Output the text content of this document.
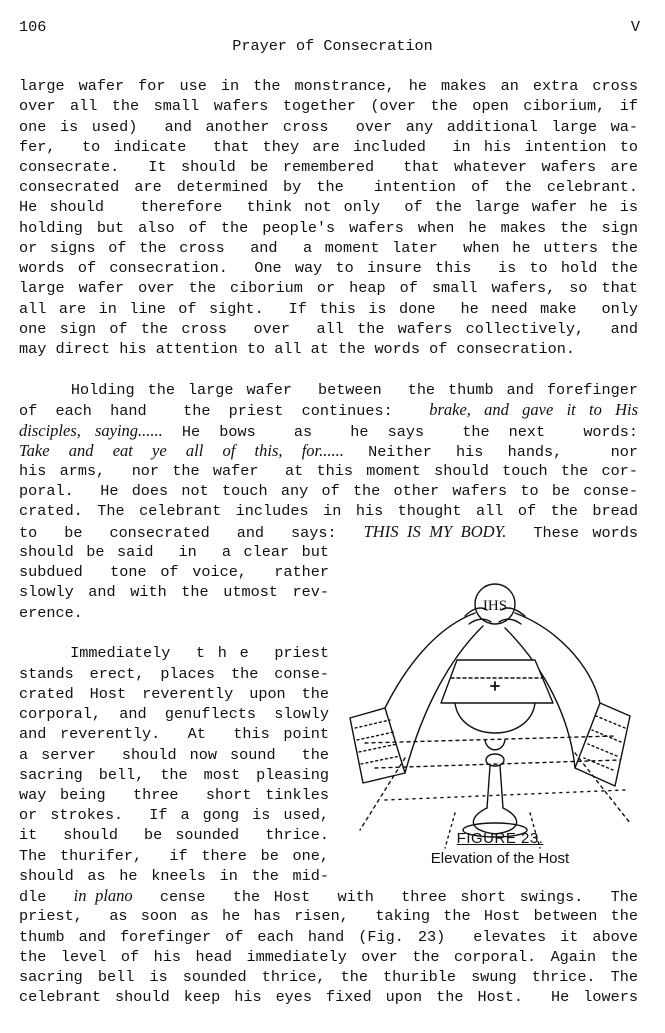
106	V
Prayer of Consecration
large wafer for use in the monstrance, he makes an extra cross
over all the small wafers together (over the open ciborium, if
one is used)  and another cross  over any additional large wa-
fer,  to indicate  that they are included  in his intention to
consecrate.  It should be remembered  that whatever wafers are
consecrated are determined by the  intention of the celebrant.
He should   therefore  think not only  of the large wafer he is
holding but also of the people's wafers when he makes the sign
or signs of the cross  and  a moment later  when he utters the
words of consecration.  One way to insure this  is to hold the
large wafer over the ciborium or heap of small wafers, so that
all are in line of sight.  If this is done  he need make  only
one sign of the cross  over  all the wafers collectively,  and
may direct his attention to all at the words of consecration.
Holding the large wafer  between  the thumb and forefinger
of each hand  the priest continues:  brake, and gave it to His
disciples, saying...... He bows  as  he says  the next  words:
Take and eat ye all of this, for...... Neither his hands,  nor
his arms,  nor the wafer  at this moment should touch the cor-
poral.  He does not touch any of the other wafers to be conse-
crated. The celebrant includes in his thought all of the bread
to  be  consecrated  and  says:  THIS IS MY BODY.  These words
should be said  in  a clear but
subdued  tone of voice,  rather
slowly and with the utmost rev-
erence.
Immediately  t h e  priest
stands erect, places the conse-
crated Host reverently upon the
corporal, and genuflects slowly
and reverently.  At  this point
a server  should now sound  the
sacring bell, the most pleasing
way being  three  short tinkles
or strokes.  If a gong is used,
it  should  be sounded  thrice.
The thurifer,  if there be one,
should as he kneels in the mid-
dle  in plano  cense  the Host  with  three short swings.  The
priest,  as soon as he has risen,  taking the Host between the
thumb and forefinger of each hand (Fig. 23)  elevates it above
the level of his head immediately over the corporal. Again the
sacring bell is sounded thrice, the thurible swung thrice. The
celebrant should keep his eyes fixed upon the Host.  He lowers
IHS
FIGURE 23.
Elevation of the Host
